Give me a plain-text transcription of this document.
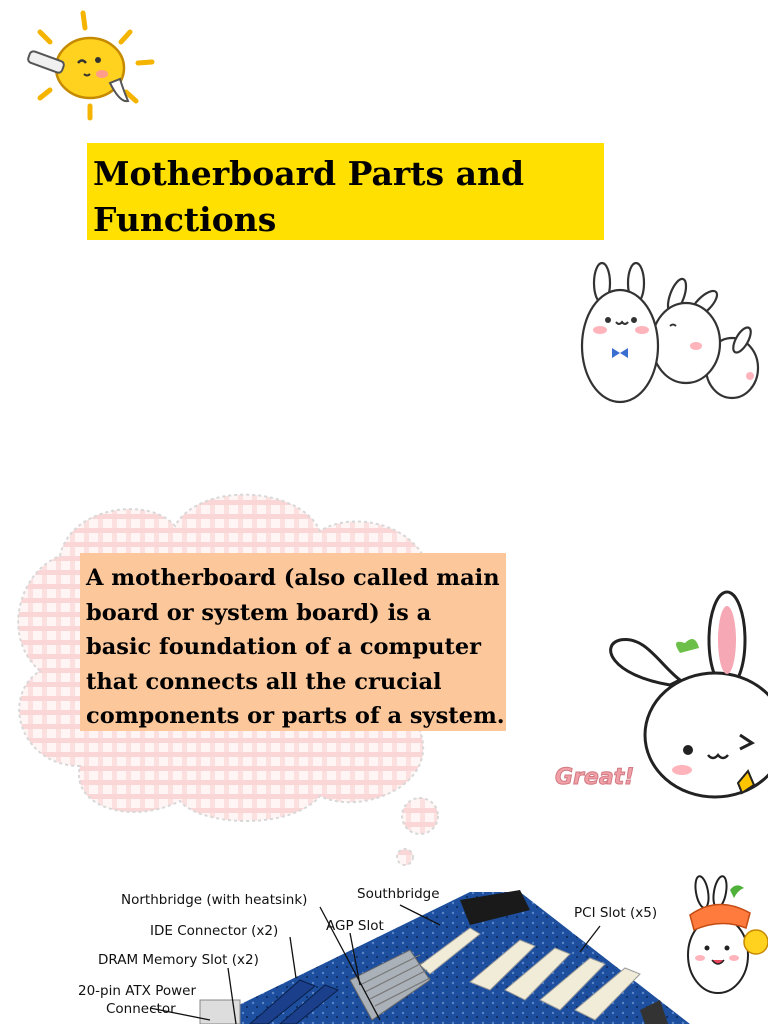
Motherboard Parts and Functions
A motherboard (also called main
board or system board) is a
basic foundation of a computer
that connects all the crucial
components or parts of a system.
Great!
Northbridge (with heatsink)	Southbridge
IDE Connector (x2)	AGP Slot
PCI Slot (x5)
DRAM Memory Slot (x2)
20-pin ATX Power
Connector
